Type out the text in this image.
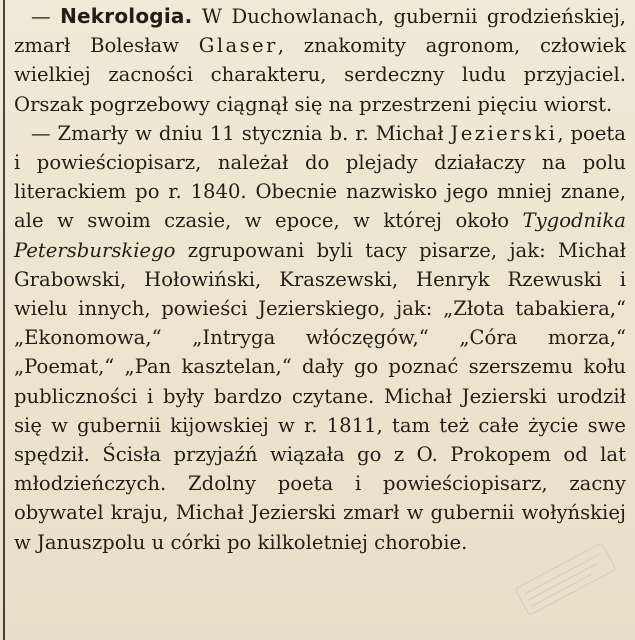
— Nekrologia. W Duchowlanach, gubernii grodzieńskiej, zmarł Bolesław Glaser, znakomity agronom, człowiek wielkiej zacności charakteru, serdeczny ludu przyjaciel. Orszak pogrzebowy ciągnął się na przestrzeni pięciu wiorst.

— Zmarły w dniu 11 stycznia b. r. Michał Jezierski, poeta i powieściopisarz, należał do plejady działaczy na polu literackiem po r. 1840. Obecnie nazwisko jego mniej znane, ale w swoim czasie, w epoce, w której około Tygodnika Petersburskiego zgrupowani byli tacy pisarze, jak: Michał Grabowski, Hołowiński, Kraszewski, Henryk Rzewuski i wielu innych, powieści Jezierskiego, jak: „Złota tabakiera,“ „Ekonomowa,“ „Intryga włóczęgów,“ „Córa morza,“ „Poemat,“ „Pan kasztelan,“ dały go poznać szerszemu kołu publiczności i były bardzo czytane. Michał Jezierski urodził się w gubernii kijowskiej w r. 1811, tam też całe życie swe spędził. Ścisła przyjaźń wiązała go z O. Prokopem od lat młodzieńczych. Zdolny poeta i powieściopisarz, zacny obywatel kraju, Michał Jezierski zmarł w gubernii wołyńskiej w Januszpolu u córki po kilkoletniej chorobie.
